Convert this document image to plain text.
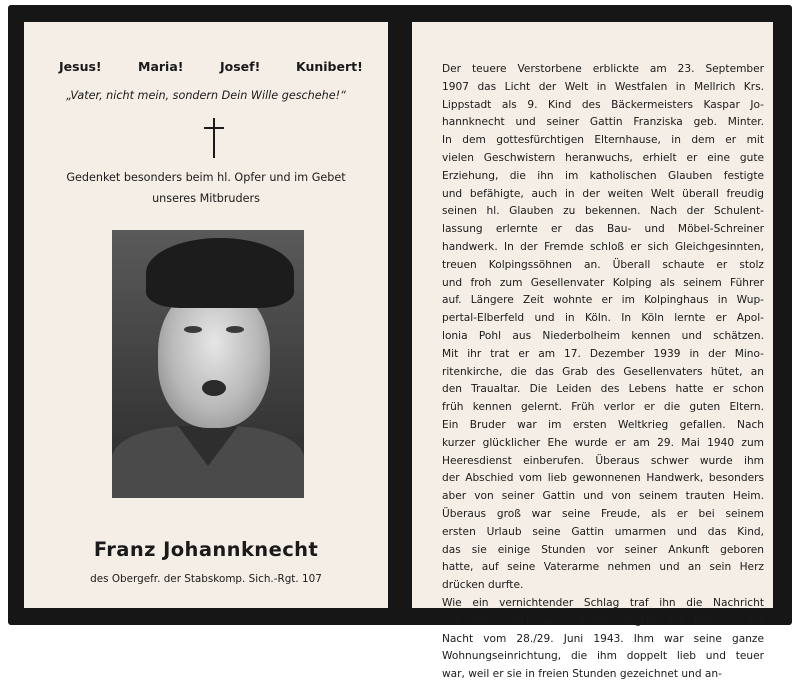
Jesus!	Maria!	Josef!	Kunibert!
„Vater, nicht mein, sondern Dein Wille geschehe!“
Gedenket besonders beim hl. Opfer und im Gebet
unseres Mitbruders
Franz Johannknecht
des Obergefr. der Stabskomp. Sich.-Rgt. 107
Der teuere Verstorbene erblickte am 23. September
1907 das Licht der Welt in Westfalen in Mellrich Krs.
Lippstadt als 9. Kind des Bäckermeisters Kaspar Jo-
hannknecht und seiner Gattin Franziska geb. Minter.
In dem gottesfürchtigen Elternhause, in dem er mit
vielen Geschwistern heranwuchs, erhielt er eine gute
Erziehung, die ihn im katholischen Glauben festigte
und befähigte, auch in der weiten Welt überall freudig
seinen hl. Glauben zu bekennen. Nach der Schulent-
lassung erlernte er das Bau- und Möbel-Schreiner
handwerk. In der Fremde schloß er sich Gleichgesinnten,
treuen Kolpingssöhnen an. Überall schaute er stolz
und froh zum Gesellenvater Kolping als seinem Führer
auf. Längere Zeit wohnte er im Kolpinghaus in Wup-
pertal-Elberfeld und in Köln. In Köln lernte er Apol-
lonia Pohl aus Niederbolheim kennen und schätzen.
Mit ihr trat er am 17. Dezember 1939 in der Mino-
ritenkirche, die das Grab des Gesellenvaters hütet, an
den Traualtar. Die Leiden des Lebens hatte er schon
früh kennen gelernt. Früh verlor er die guten Eltern.
Ein Bruder war im ersten Weltkrieg gefallen. Nach
kurzer glücklicher Ehe wurde er am 29. Mai 1940 zum
Heeresdienst einberufen. Überaus schwer wurde ihm
der Abschied vom lieb gewonnenen Handwerk, besonders
aber von seiner Gattin und von seinem trauten Heim.
Überaus groß war seine Freude, als er bei seinem
ersten Urlaub seine Gattin umarmen und das Kind,
das sie einige Stunden vor seiner Ankunft geboren
hatte, auf seine Vaterarme nehmen und an sein Herz
drücken durfte.
Wie ein vernichtender Schlag traf ihn die Nachricht
von dem furchtbaren Bombenangriff auf Köln in der
Nacht vom 28./29. Juni 1943. Ihm war seine ganze
Wohnungseinrichtung, die ihm doppelt lieb und teuer
war, weil er sie in freien Stunden gezeichnet und an-
